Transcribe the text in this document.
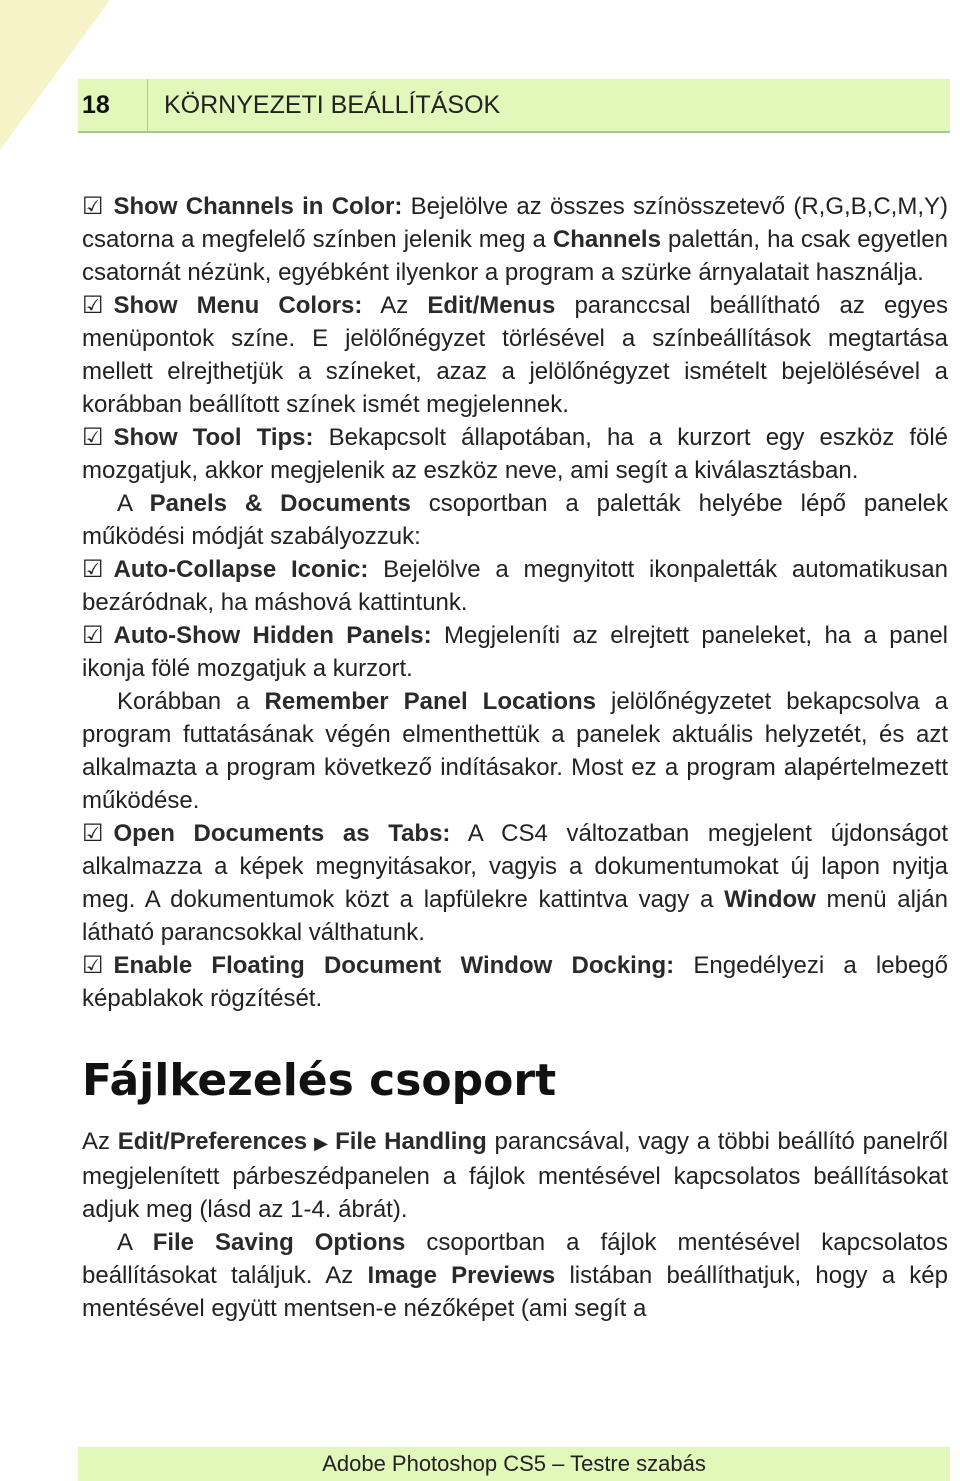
18	KÖRNYEZETI BEÁLLÍTÁSOK

☑ Show Channels in Color: Bejelölve az összes színösszetevő (R,G,B,C,M,Y) csatorna a megfelelő színben jelenik meg a Channels palettán, ha csak egyetlen csatornát nézünk, egyébként ilyenkor a program a szürke árnyalatait használja.

☑ Show Menu Colors: Az Edit/Menus paranccsal beállítható az egyes menüpontok színe. E jelölőnégyzet törlésével a színbeállítások megtartása mellett elrejthetjük a színeket, azaz a jelölőnégyzet ismételt bejelölésével a korábban beállított színek ismét megjelennek.

☑ Show Tool Tips: Bekapcsolt állapotában, ha a kurzort egy eszköz fölé mozgatjuk, akkor megjelenik az eszköz neve, ami segít a kiválasztásban.

A Panels & Documents csoportban a paletták helyébe lépő panelek működési módját szabályozzuk:

☑ Auto-Collapse Iconic: Bejelölve a megnyitott ikonpaletták automatikusan bezáródnak, ha máshová kattintunk.

☑ Auto-Show Hidden Panels: Megjeleníti az elrejtett paneleket, ha a panel ikonja fölé mozgatjuk a kurzort.

Korábban a Remember Panel Locations jelölőnégyzetet bekapcsolva a program futtatásának végén elmenthettük a panelek aktuális helyzetét, és azt alkalmazta a program következő indításakor. Most ez a program alapértelmezett működése.

☑ Open Documents as Tabs: A CS4 változatban megjelent újdonságot alkalmazza a képek megnyitásakor, vagyis a dokumentumokat új lapon nyitja meg. A dokumentumok közt a lapfülekre kattintva vagy a Window menü alján látható parancsokkal válthatunk.

☑ Enable Floating Document Window Docking: Engedélyezi a lebegő képablakok rögzítését.

Fájlkezelés csoport

Az Edit/Preferences ▶ File Handling parancsával, vagy a többi beállító panelről megjelenített párbeszédpanelen a fájlok mentésével kapcsolatos beállításokat adjuk meg (lásd az 1-4. ábrát).

A File Saving Options csoportban a fájlok mentésével kapcsolatos beállításokat találjuk. Az Image Previews listában beállíthatjuk, hogy a kép mentésével együtt mentsen-e nézőképet (ami segít a

Adobe Photoshop CS5 – Testre szabás
